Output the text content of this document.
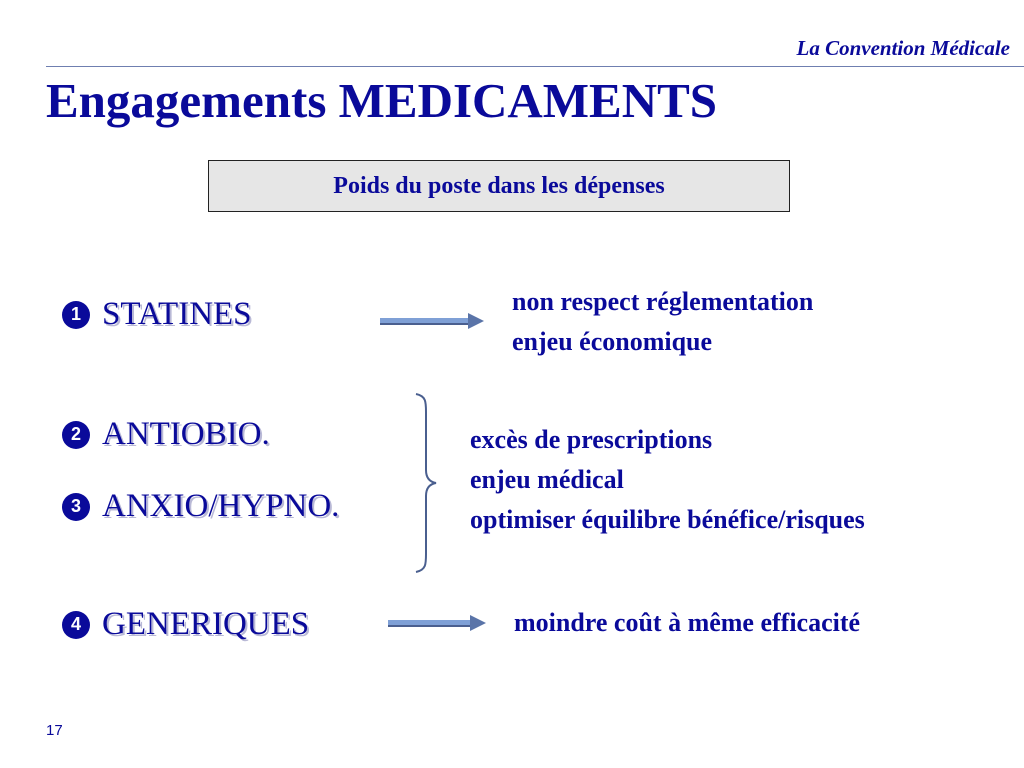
La Convention Médicale
Engagements MEDICAMENTS
Poids du poste dans les dépenses
1 STATINES	non respect réglementation
enjeu économique
2 ANTIOBIO.
3 ANXIO/HYPNO.
excès de prescriptions
enjeu médical
optimiser équilibre bénéfice/risques
4 GENERIQUES	moindre coût à même efficacité
17
